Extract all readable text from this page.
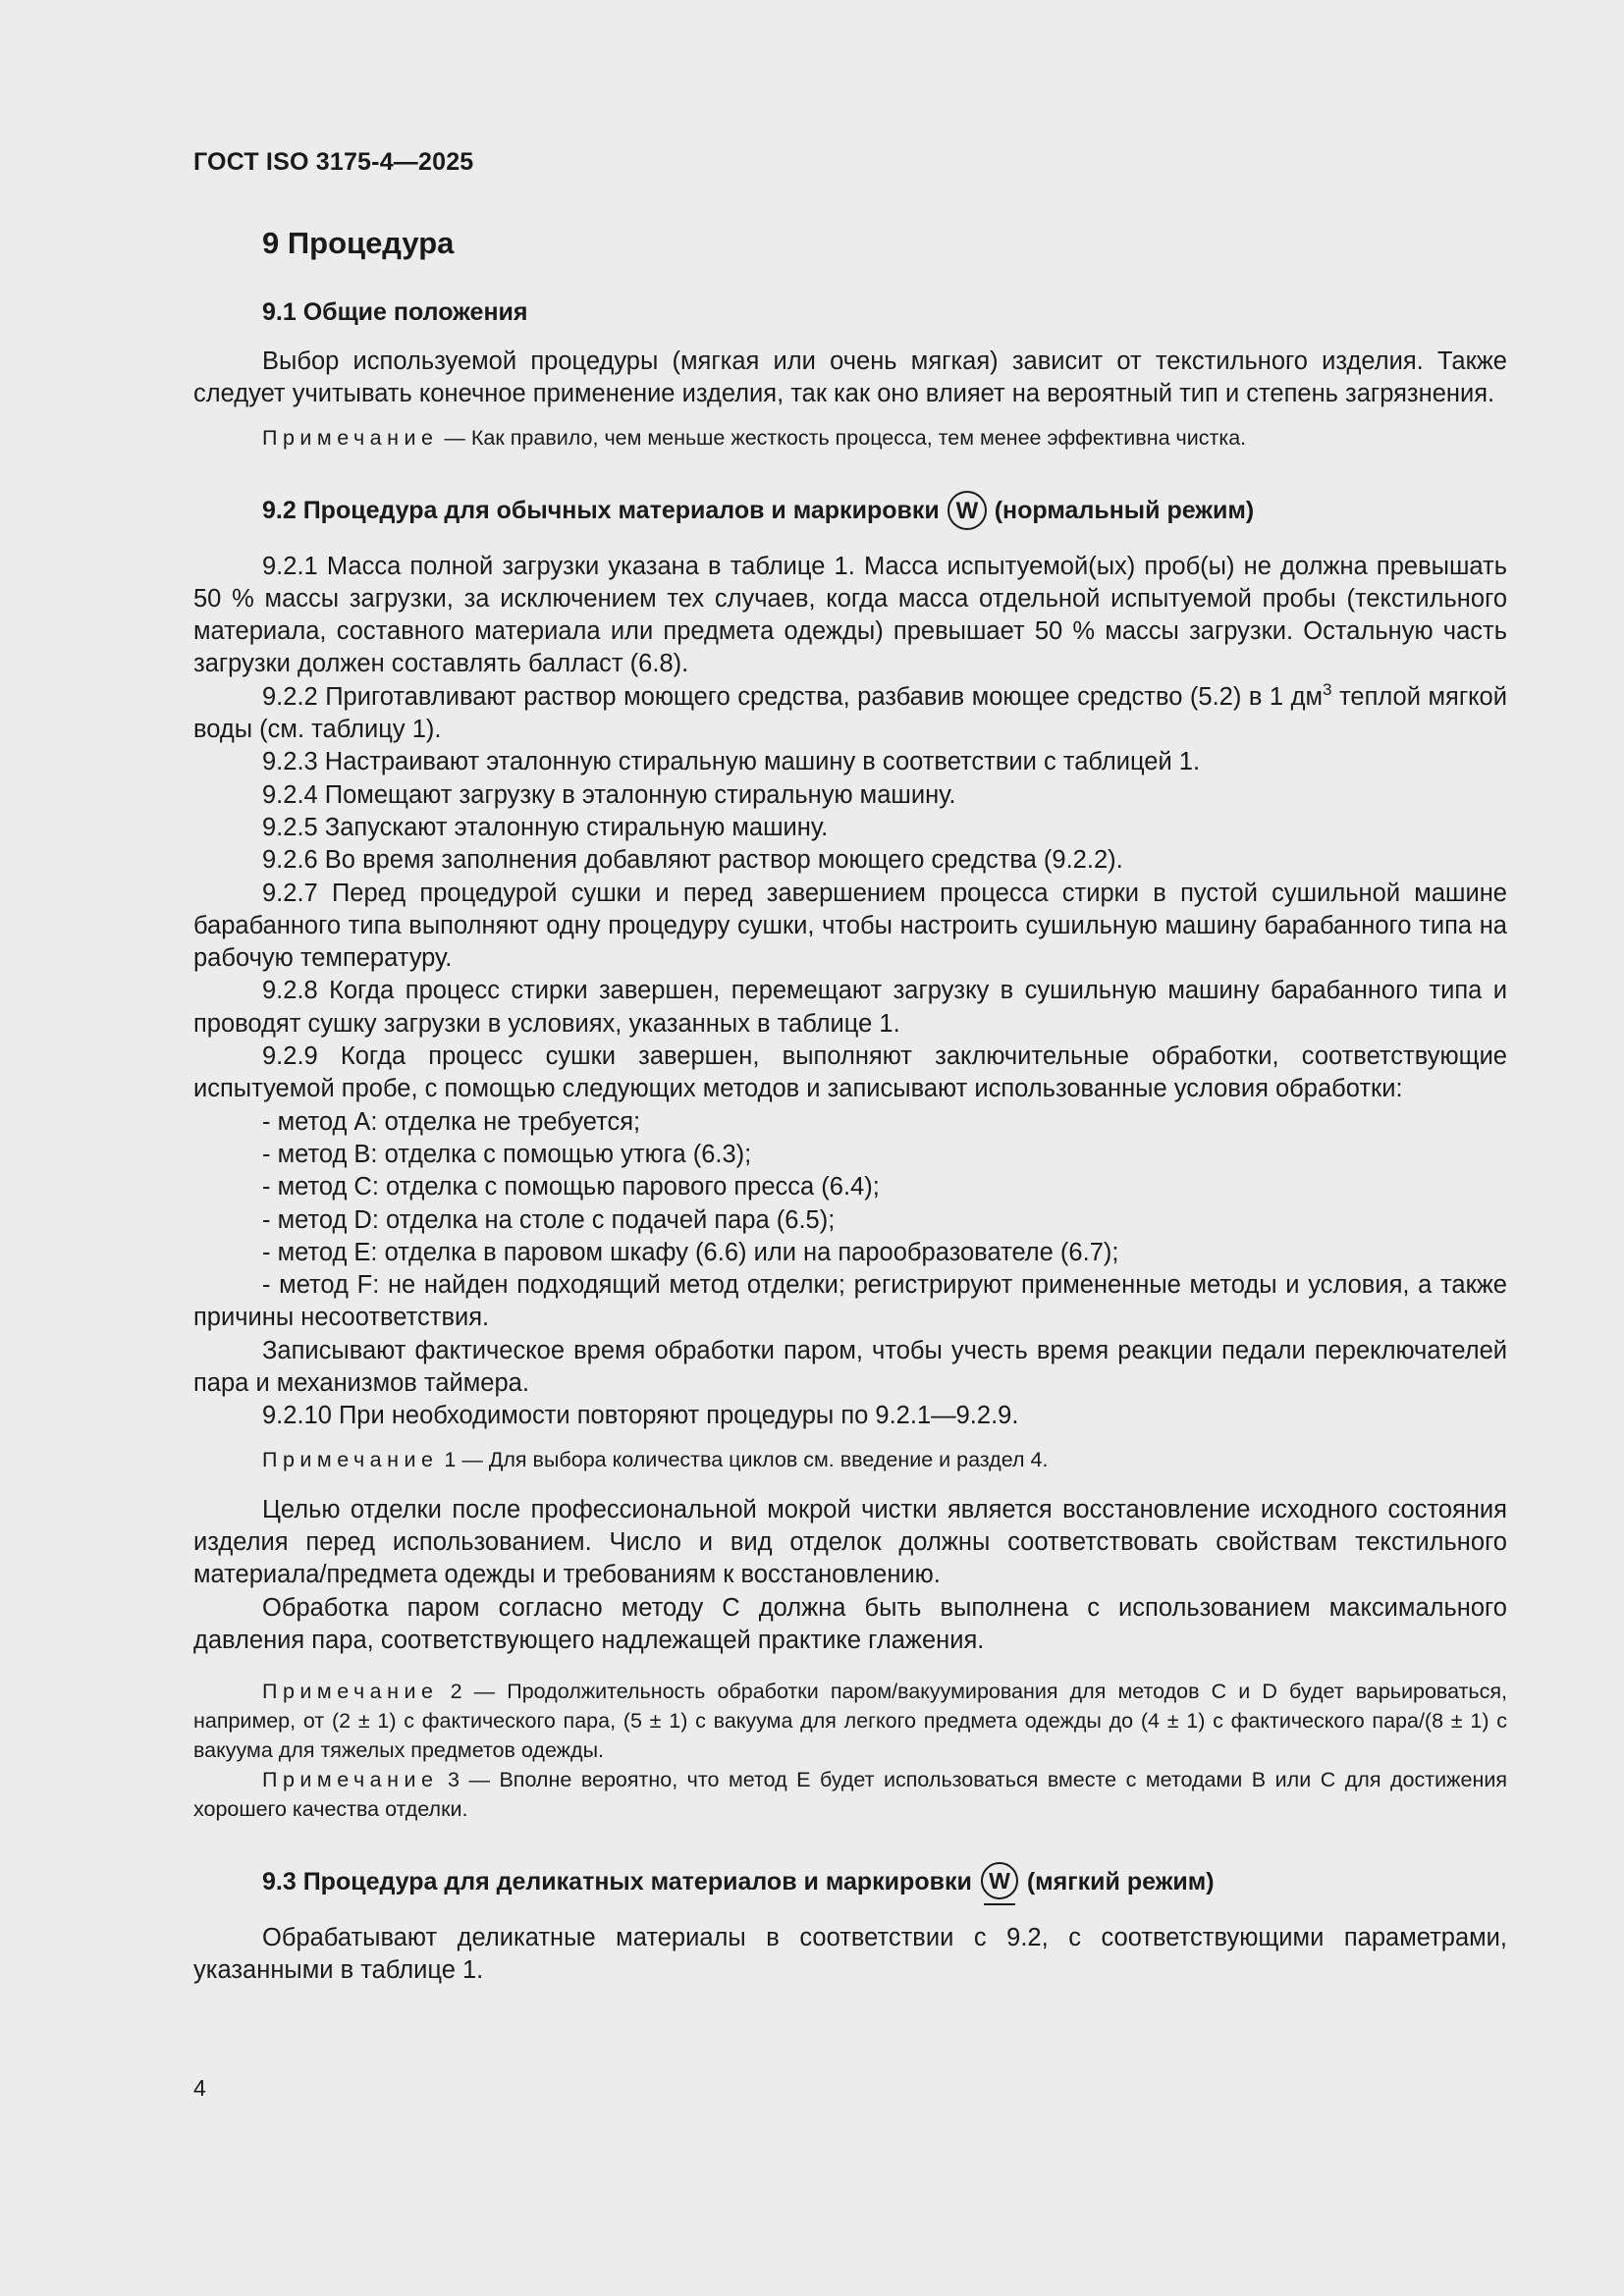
ГОСТ ISO 3175-4—2025
9 Процедура
9.1 Общие положения

Выбор используемой процедуры (мягкая или очень мягкая) зависит от текстильного изделия. Также следует учитывать конечное применение изделия, так как оно влияет на вероятный тип и степень загрязнения.

Примечание — Как правило, чем меньше жесткость процесса, тем менее эффективна чистка.
9.2 Процедура для обычных материалов и маркировки W (нормальный режим)

9.2.1 Масса полной загрузки указана в таблице 1. Масса испытуемой(ых) проб(ы) не должна превышать 50 % массы загрузки, за исключением тех случаев, когда масса отдельной испытуемой пробы (текстильного материала, составного материала или предмета одежды) превышает 50 % массы загрузки. Остальную часть загрузки должен составлять балласт (6.8).

9.2.2 Приготавливают раствор моющего средства, разбавив моющее средство (5.2) в 1 $дм^3$ теплой мягкой воды (см. таблицу 1).

9.2.3 Настраивают эталонную стиральную машину в соответствии с таблицей 1.

9.2.4 Помещают загрузку в эталонную стиральную машину.

9.2.5 Запускают эталонную стиральную машину.

9.2.6 Во время заполнения добавляют раствор моющего средства (9.2.2).

9.2.7 Перед процедурой сушки и перед завершением процесса стирки в пустой сушильной машине барабанного типа выполняют одну процедуру сушки, чтобы настроить сушильную машину барабанного типа на рабочую температуру.

9.2.8 Когда процесс стирки завершен, перемещают загрузку в сушильную машину барабанного типа и проводят сушку загрузки в условиях, указанных в таблице 1.

9.2.9 Когда процесс сушки завершен, выполняют заключительные обработки, соответствующие испытуемой пробе, с помощью следующих методов и записывают использованные условия обработки:

- метод A: отделка не требуется;

- метод B: отделка с помощью утюга (6.3);

- метод C: отделка с помощью парового пресса (6.4);

- метод D: отделка на столе с подачей пара (6.5);

- метод E: отделка в паровом шкафу (6.6) или на парообразователе (6.7);

- метод F: не найден подходящий метод отделки; регистрируют примененные методы и условия, а также причины несоответствия.

Записывают фактическое время обработки паром, чтобы учесть время реакции педали переключателей пара и механизмов таймера.

9.2.10 При необходимости повторяют процедуры по 9.2.1—9.2.9.

Примечание 1 — Для выбора количества циклов см. введение и раздел 4.

Целью отделки после профессиональной мокрой чистки является восстановление исходного состояния изделия перед использованием. Число и вид отделок должны соответствовать свойствам текстильного материала/предмета одежды и требованиям к восстановлению.

Обработка паром согласно методу C должна быть выполнена с использованием максимального давления пара, соответствующего надлежащей практике глажения.

Примечание 2 — Продолжительность обработки паром/вакуумирования для методов C и D будет варьироваться, например, от (2 ± 1) с фактического пара, (5 ± 1) с вакуума для легкого предмета одежды до (4 ± 1) с фактического пара/(8 ± 1) с вакуума для тяжелых предметов одежды.
Примечание 3 — Вполне вероятно, что метод E будет использоваться вместе с методами B или C для достижения хорошего качества отделки.
9.3 Процедура для деликатных материалов и маркировки W (мягкий режим)

Обрабатывают деликатные материалы в соответствии с 9.2, с соответствующими параметрами, указанными в таблице 1.

4
